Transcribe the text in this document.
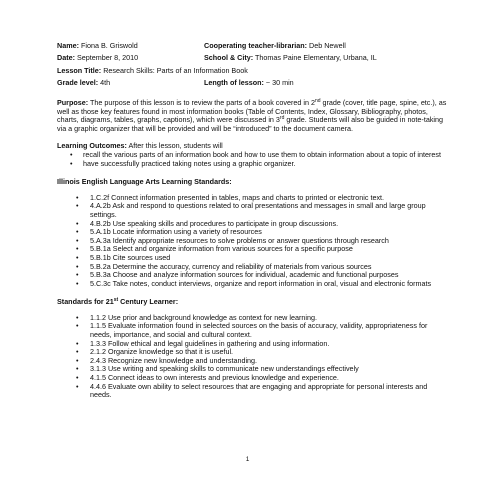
Name: Fiona B. Griswold	Cooperating teacher-librarian: Deb Newell
Date: September 8, 2010	School & City: Thomas Paine Elementary, Urbana, IL
Lesson Title: Research Skills: Parts of an Information Book
Grade level: 4th	Length of lesson: ~ 30 min
Purpose: The purpose of this lesson is to review the parts of a book covered in 2nd grade (cover, title page, spine, etc.), as well as those key features found in most information books (Table of Contents, Index, Glossary, Bibliography, photos, charts, diagrams, tables, graphs, captions), which were discussed in 3rd grade. Students will also be guided in note-taking via a graphic organizer that will be provided and will be “introduced” to the document camera.
Learning Outcomes: After this lesson, students will
• recall the various parts of an information book and how to use them to obtain information about a topic of interest
• have successfully practiced taking notes using a graphic organizer.
Illinois English Language Arts Learning Standards:
• 1.C.2f Connect information presented in tables, maps and charts to printed or electronic text.
• 4.A.2b Ask and respond to questions related to oral presentations and messages in small and large group settings.
• 4.B.2b Use speaking skills and procedures to participate in group discussions.
• 5.A.1b Locate information using a variety of resources
• 5.A.3a Identify appropriate resources to solve problems or answer questions through research
• 5.B.1a Select and organize information from various sources for a specific purpose
• 5.B.1b Cite sources used
• 5.B.2a Determine the accuracy, currency and reliability of materials from various sources
• 5.B.3a Choose and analyze information sources for individual, academic and functional purposes
• 5.C.3c Take notes, conduct interviews, organize and report information in oral, visual and electronic formats
Standards for 21st Century Learner:
• 1.1.2 Use prior and background knowledge as context for new learning.
• 1.1.5 Evaluate information found in selected sources on the basis of accuracy, validity, appropriateness for needs, importance, and social and cultural context.
• 1.3.3 Follow ethical and legal guidelines in gathering and using information.
• 2.1.2 Organize knowledge so that it is useful.
• 2.4.3 Recognize new knowledge and understanding.
• 3.1.3 Use writing and speaking skills to communicate new understandings effectively
• 4.1.5 Connect ideas to own interests and previous knowledge and experience.
• 4.4.6 Evaluate own ability to select resources that are engaging and appropriate for personal interests and needs.
1
